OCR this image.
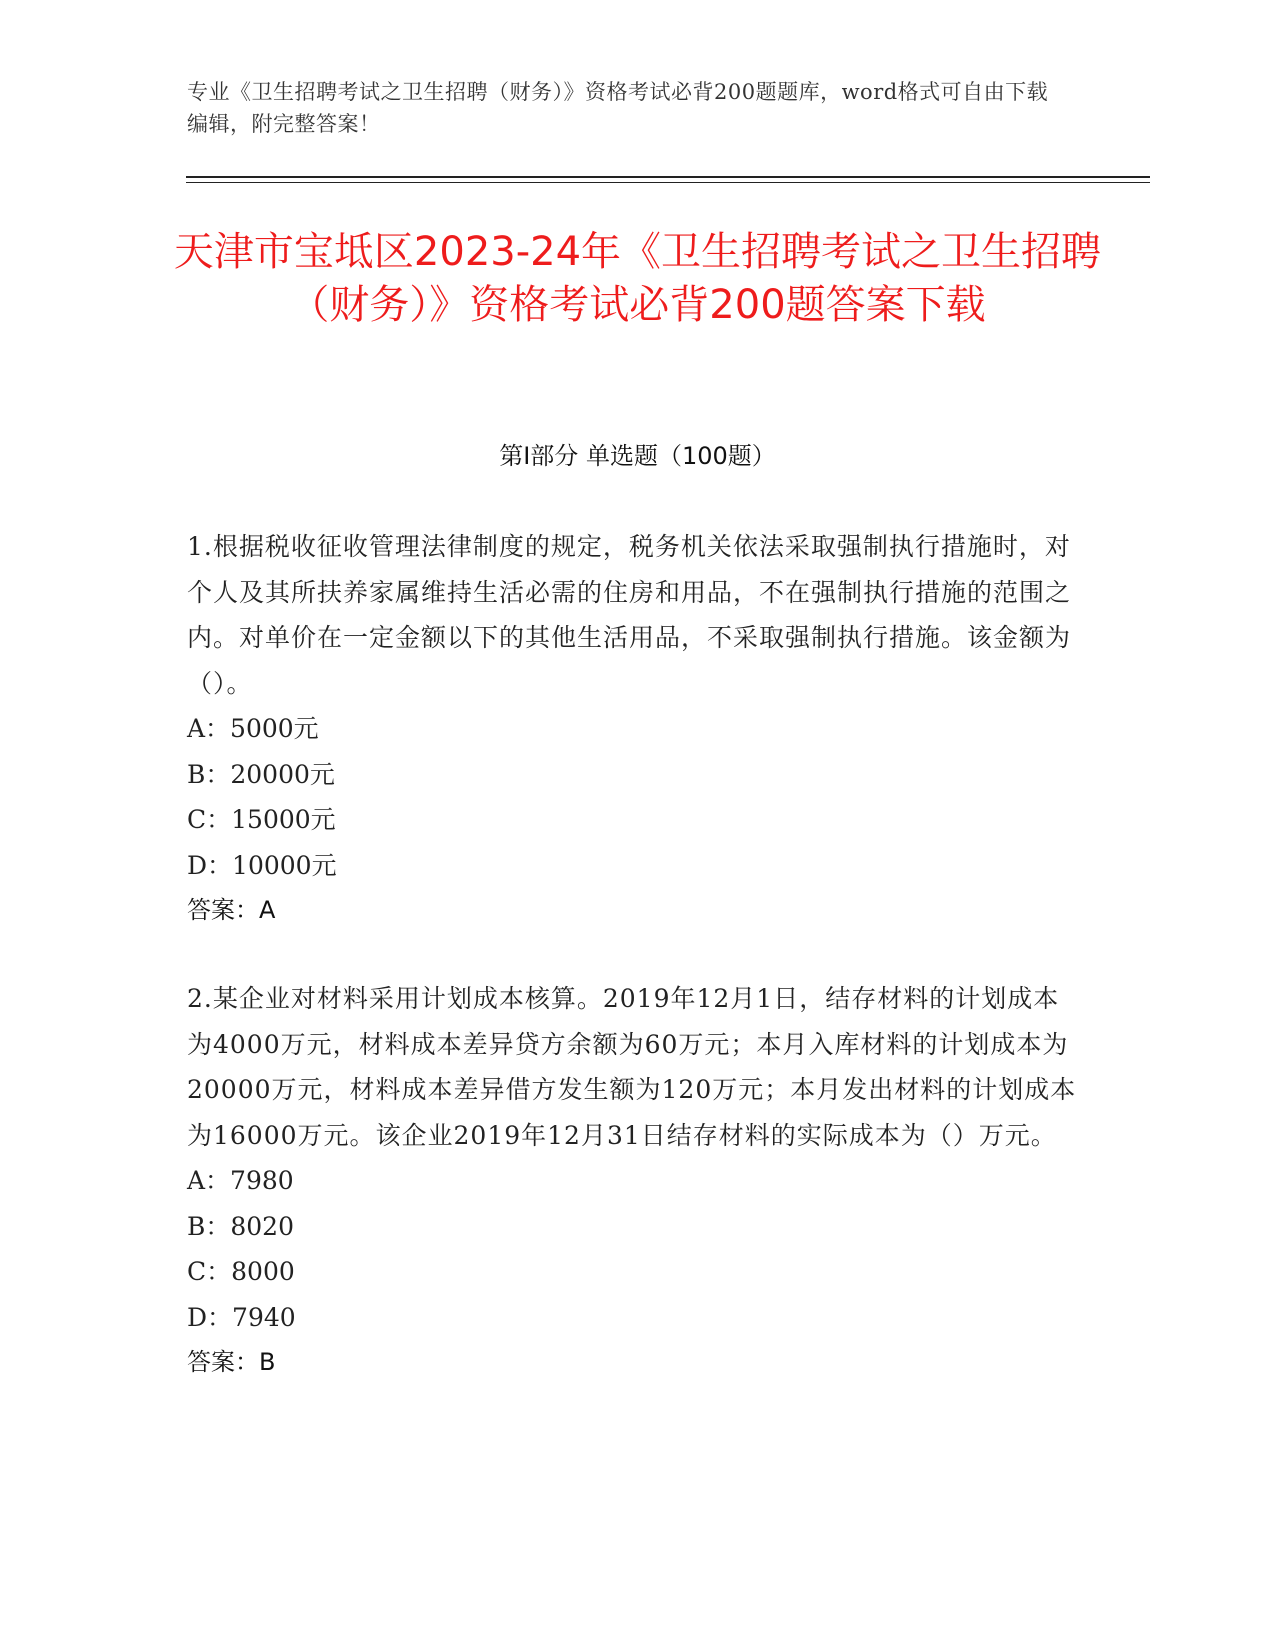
专业《卫生招聘考试之卫生招聘（财务）》资格考试必背200题题库，word格式可自由下载编辑，附完整答案！
天津市宝坻区2023-24年《卫生招聘考试之卫生招聘（财务）》资格考试必背200题答案下载
第I部分 单选题（100题）

1.根据税收征收管理法律制度的规定，税务机关依法采取强制执行措施时，对个人及其所扶养家属维持生活必需的住房和用品，不在强制执行措施的范围之内。对单价在一定金额以下的其他生活用品，不采取强制执行措施。该金额为（）。

A：5000元

B：20000元

C：15000元

D：10000元

答案：A

2.某企业对材料采用计划成本核算。2019年12月1日，结存材料的计划成本为4000万元，材料成本差异贷方余额为60万元；本月入库材料的计划成本为20000万元，材料成本差异借方发生额为120万元；本月发出材料的计划成本为16000万元。该企业2019年12月31日结存材料的实际成本为（）万元。

A：7980

B：8020

C：8000

D：7940

答案：B
